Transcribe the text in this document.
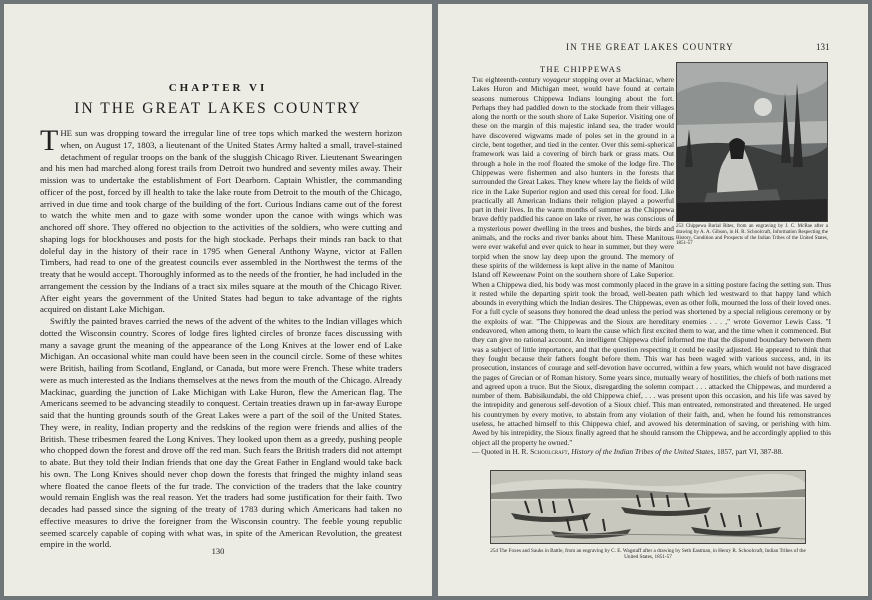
CHAPTER VI
IN THE GREAT LAKES COUNTRY

THE sun was dropping toward the irregular line of tree tops which marked the western horizon when, on August 17, 1803, a lieutenant of the United States Army halted a small, travel-stained detachment of regular troops on the bank of the sluggish Chicago River. Lieutenant Swearingen and his men had marched along forest trails from Detroit two hundred and seventy miles away. Their mission was to undertake the establishment of Fort Dearborn. Captain Whistler, the commanding officer of the post, forced by ill health to take the lake route from Detroit to the mouth of the Chicago, arrived in due time and took charge of the building of the fort. Curious Indians came out of the forest to watch the white men and to gaze with some wonder upon the canoe with wings which was anchored off shore. They offered no objection to the activities of the soldiers, who were cutting and shaping logs for blockhouses and posts for the high stockade. Perhaps their minds ran back to that doleful day in the history of their race in 1795 when General Anthony Wayne, victor at Fallen Timbers, had read to one of the greatest councils ever assembled in the Northwest the terms of the treaty that he would accept. Thoroughly informed as to the needs of the frontier, he had included in the arrangement the cession by the Indians of a tract six miles square at the mouth of the Chicago River. After eight years the government of the United States had begun to take advantage of the rights acquired on distant Lake Michigan.

Swiftly the painted braves carried the news of the advent of the whites to the Indian villages which dotted the Wisconsin country. Scores of lodge fires lighted circles of bronze faces discussing with many a savage grunt the meaning of the appearance of the Long Knives at the lower end of Lake Michigan. An occasional white man could have been seen in the council circle. Some of these whites were British, hailing from Scotland, England, or Canada, but more were French. These white traders were as much interested as the Indians themselves at the news from the mouth of the Chicago. Already Mackinac, guarding the junction of Lake Michigan with Lake Huron, flew the American flag. The Americans seemed to be advancing steadily to conquest. Certain treaties drawn up in far-away Europe said that the hunting grounds south of the Great Lakes were a part of the soil of the United States. They were, in reality, Indian property and the redskins of the region were friends and allies of the British. These tribesmen feared the Long Knives. They looked upon them as a greedy, pushing people who chopped down the forest and drove off the red man. Such fears the British traders did not attempt to abate. But they told their Indian friends that one day the Great Father in England would take back his own. The Long Knives should never chop down the forests that fringed the mighty inland seas where floated the canoe fleets of the fur trade. The conviction of the traders that the lake country would remain English was the real reason. Yet the traders had some justification for their faith. Two decades had passed since the signing of the treaty of 1783 during which Americans had taken no effective measures to drive the foreigner from the Wisconsin country. The feeble young republic seemed scarcely capable of coping with what was, in spite of the American Revolution, the greatest empire in the world.

130
IN THE GREAT LAKES COUNTRY	131
THE CHIPPEWAS

The eighteenth-century voyageur stopping over at Mackinac, where Lakes Huron and Michigan meet, would have found at certain seasons numerous Chippewa Indians lounging about the fort. Perhaps they had paddled down to the stockade from their villages along the north or the south shore of Lake Superior. Visiting one of these on the margin of this majestic inland sea, the trader would have discovered wigwams made of poles set in the ground in a circle, bent together, and tied in the center. Over this semi-spherical framework was laid a covering of birch bark or grass mats. Out through a hole in the roof floated the smoke of the lodge fire. The Chippewas were fishermen and also hunters in the forests that surrounded the Great Lakes. They knew where lay the fields of wild rice in the Lake Superior region and used this cereal for food. Like practically all American Indians their religion played a powerful part in their lives. In the warm months of summer as the Chippewa brave deftly paddled his canoe on lake or river, he was conscious of a mysterious power dwelling in the trees and bushes, the birds and animals, and the rocks and river banks about him. These Manitous were ever wakeful and ever quick to hear in summer, but they were torpid when the snow lay deep upon the ground. The memory of these spirits of the wilderness is kept alive in the name of Manitou Island off Keweenaw Point on the southern shore of Lake Superior. When a Chippewa died, his body was most commonly placed in the grave in a sitting posture facing the setting sun. Thus it rested while the departing spirit took the broad, well-beaten path which led westward to that happy land which abounds in everything which the Indian desires. The Chippewas, even as other folk, mourned the loss of their loved ones. For a full cycle of seasons they honored the dead unless the period was shortened by a special religious ceremony or by the exploits of war. "The Chippewas and the Sioux are hereditary enemies . . . ," wrote Governor Lewis Cass. "I endeavored, when among them, to learn the cause which first excited them to war, and the time when it commenced. But they can give no rational account. An intelligent Chippewa chief informed me that the disputed boundary between them was a subject of little importance, and that the question respecting it could be easily adjusted. He appeared to think that they fought because their fathers fought before them. This war has been waged with various success, and, in its prosecution, instances of courage and self-devotion have occurred, within a few years, which would not have disgraced the pages of Grecian or of Roman history. Some years since, mutually weary of hostilities, the chiefs of both nations met and agreed upon a truce. But the Sioux, disregarding the solemn compact . . . attacked the Chippewas, and murdered a number of them. Babisikundabi, the old Chippewa chief, . . . was present upon this occasion, and his life was saved by the intrepidity and generous self-devotion of a Sioux chief. This man entreated, remonstrated and threatened. He urged his countrymen by every motive, to abstain from any violation of their faith, and, when he found his remonstrances useless, he attached himself to this Chippewa chief, and avowed his determination of saving, or perishing with him. Awed by his intrepidity, the Sioux finally agreed that he should ransom the Chippewa, and he accordingly applied to this object all the property he owned."
— Quoted in H. R. Schoolcraft, History of the Indian Tribes of the United States, 1857, part VI, 387-88.

253 Chippewa Burial Rites, from an engraving by J. C. McRae after a drawing by A. A. Gibson, in H. R. Schoolcraft, Information Respecting the History, Condition and Prospects of the Indian Tribes of the United States, 1851-57
254 The Foxes and Sauks in Battle, from an engraving by C. E. Wagstaff after a drawing by Seth Eastman, in Henry R. Schoolcraft, Indian Tribes of the United States, 1851-57
